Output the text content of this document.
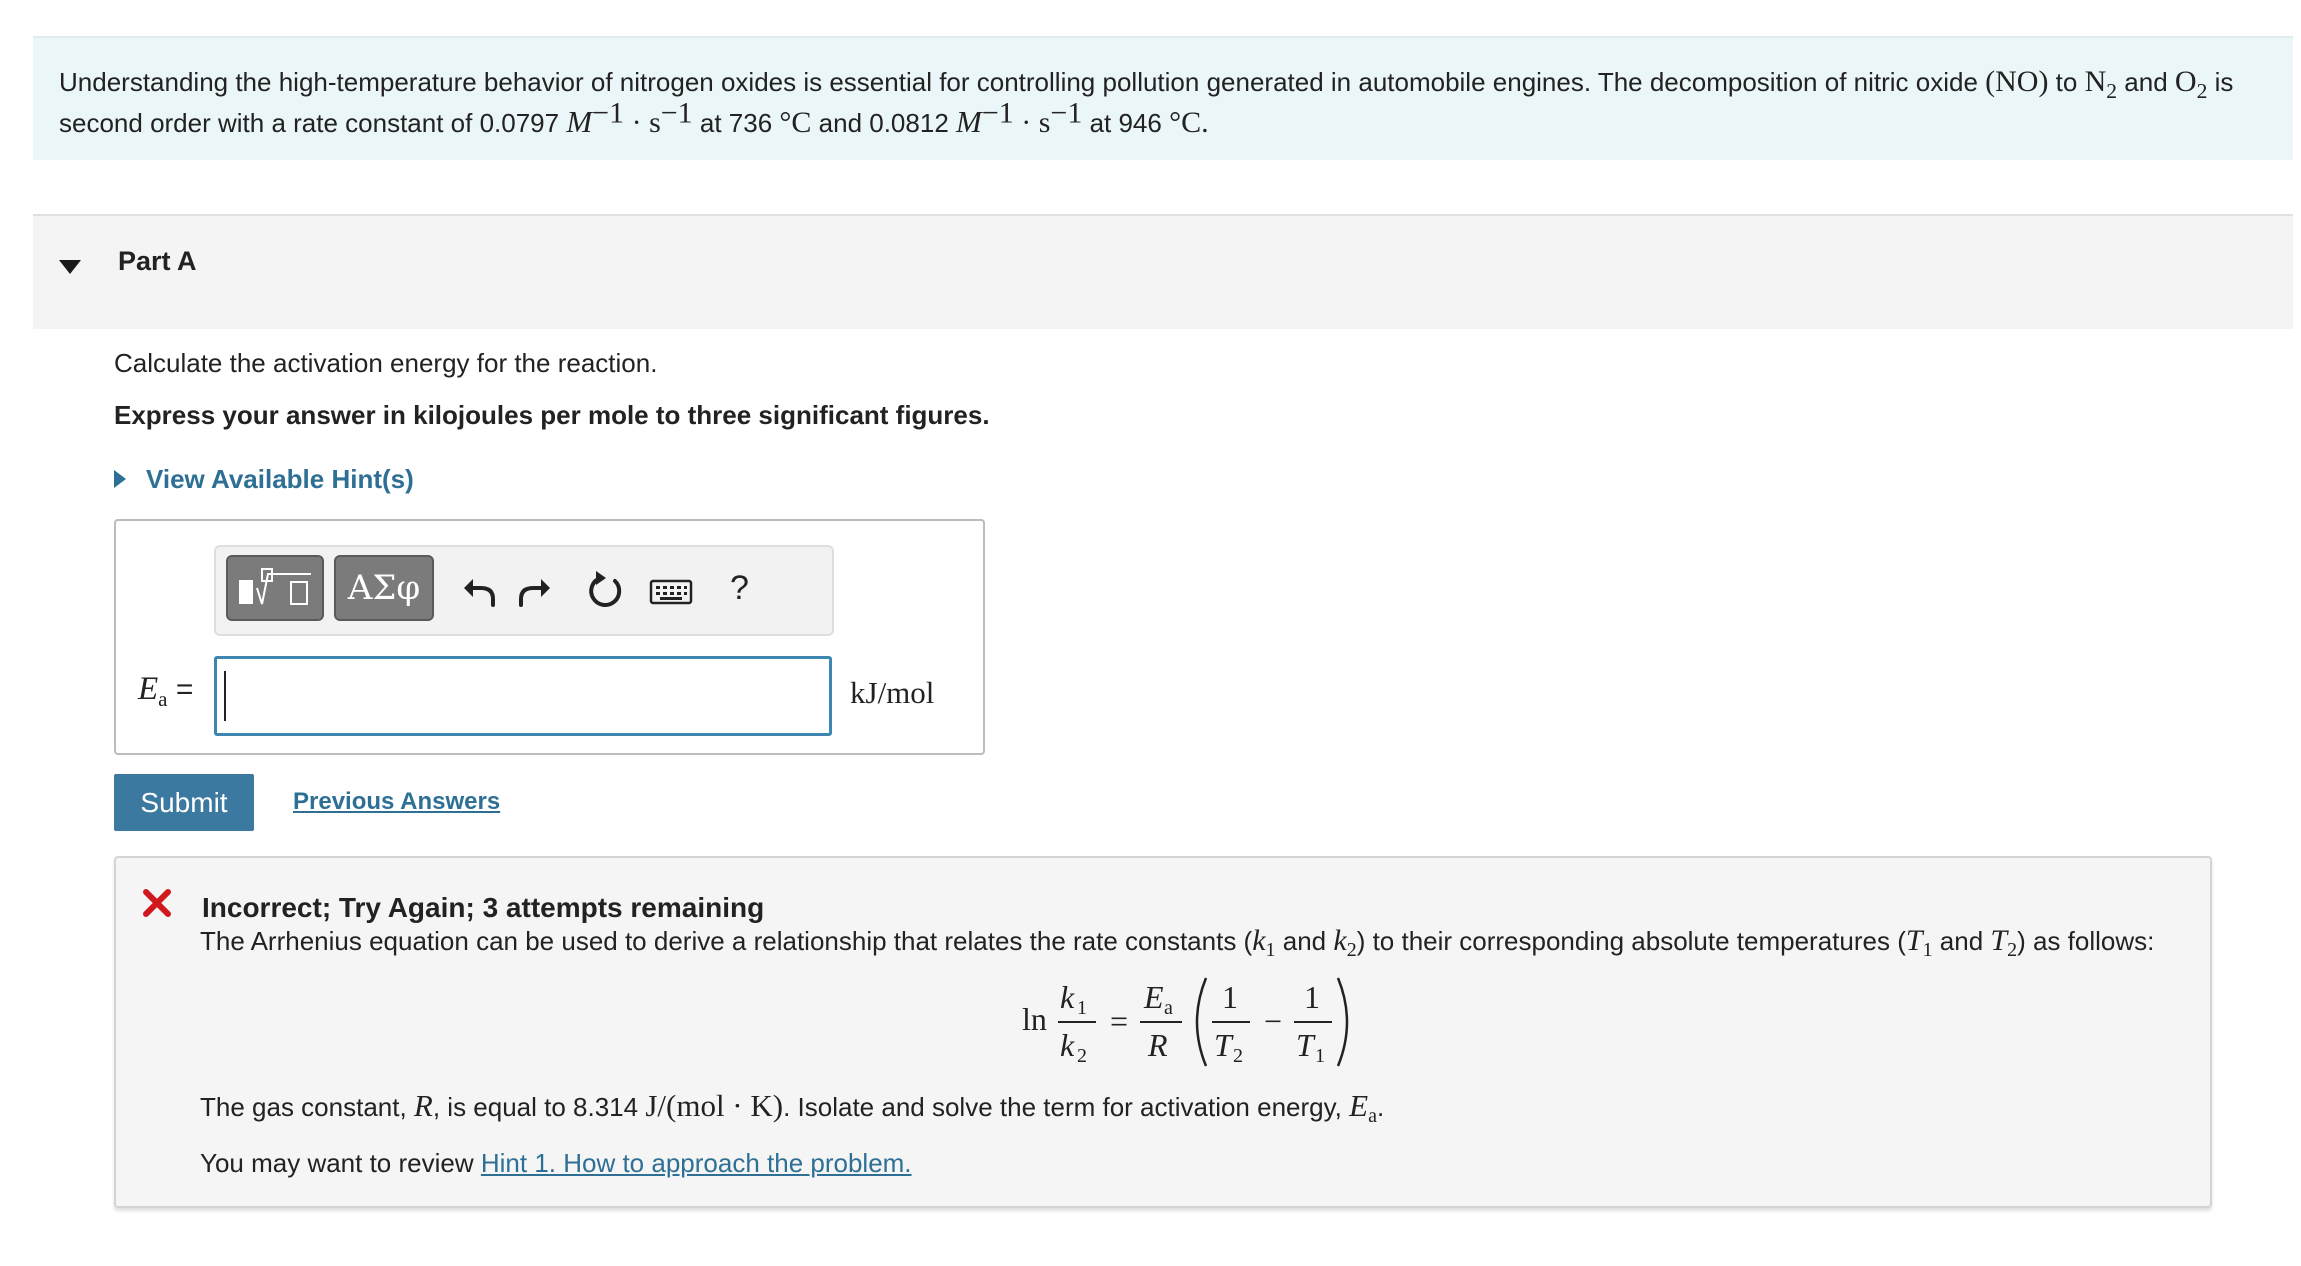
Understanding the high-temperature behavior of nitrogen oxides is essential for controlling pollution generated in automobile engines. The decomposition of nitric oxide (NO) to $N_2$ and $O_2$ is
second order with a rate constant of 0.0797 $M^{-1} \cdot s^{-1}$ at 736 °C and 0.0812 $M^{-1} \cdot s^{-1}$ at 946 °C.
Part A
Calculate the activation energy for the reaction.
Express your answer in kilojoules per mole to three significant figures.
View Available Hint(s)
ΑΣφ	?
$E_a$ =	kJ/mol
Submit	Previous Answers
Incorrect; Try Again; 3 attempts remaining
The Arrhenius equation can be used to derive a relationship that relates the rate constants ($k_1$ and $k_2$) to their corresponding absolute temperatures ($T_1$ and $T_2$) as follows:
ln
k 1
k 2
=
E a
R
1
T 2
−
1
T 1
The gas constant, R, is equal to 8.314 J/(mol · K). Isolate and solve the term for activation energy, $E_a$.
You may want to review Hint 1. How to approach the problem.
